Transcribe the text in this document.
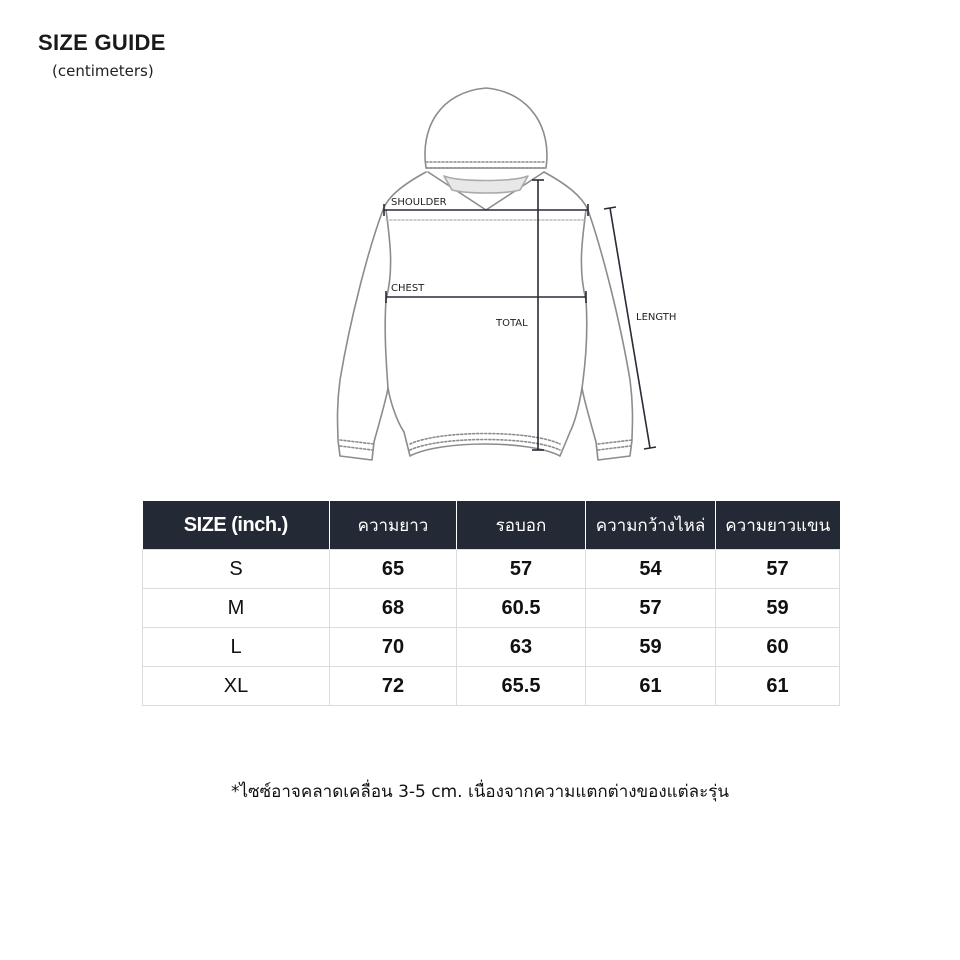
SIZE GUIDE
(centimeters)
SHOULDER
CHEST
TOTAL
LENGTH
SIZE (inch.)	ความยาว	รอบอก	ความกว้างไหล่	ความยาวแขน
S	65	57	54	57
M	68	60.5	57	59
L	70	63	59	60
XL	72	65.5	61	61
*ไซซ์อาจคลาดเคลื่อน 3-5 cm. เนื่องจากความแตกต่างของแต่ละรุ่น
